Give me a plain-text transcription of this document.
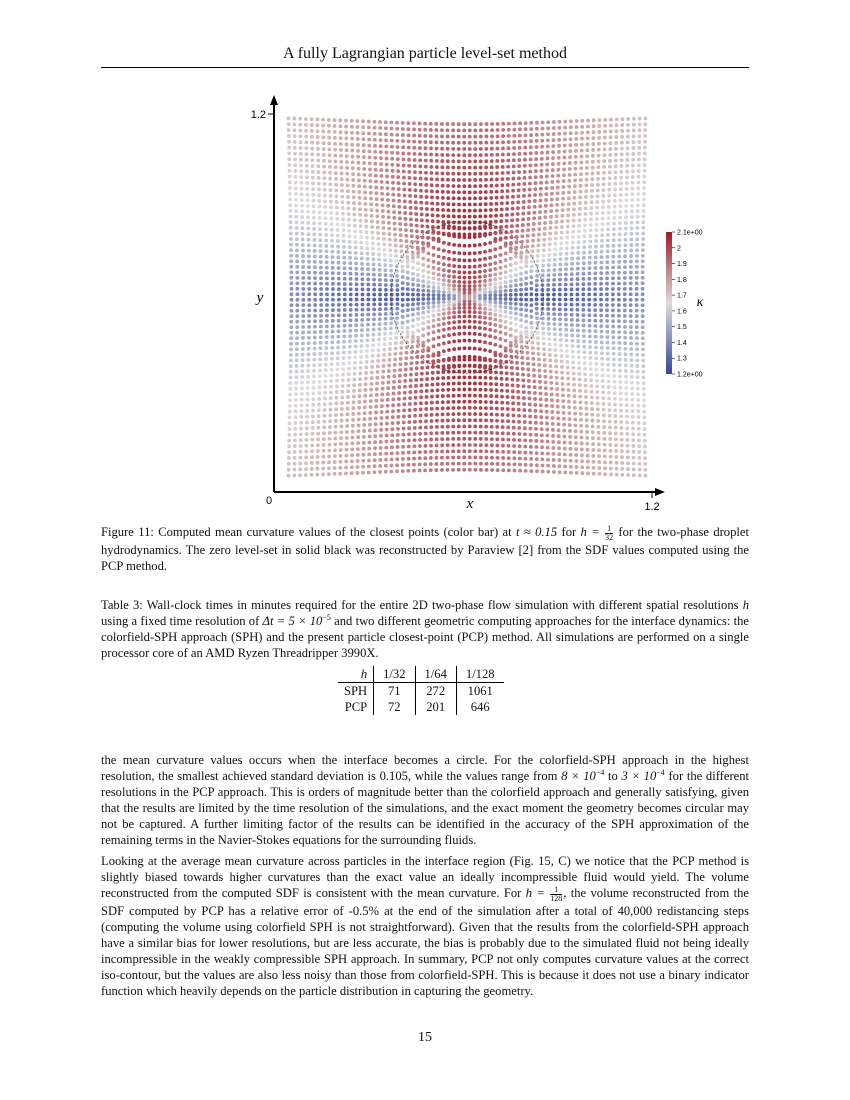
A fully Lagrangian particle level-set method
1.2
0	1.2
y
x
2.1e+00
2
1.9
1.8
1.7
1.6
1.5
1.4
1.3
1.2e+00
κ

Figure 11: Computed mean curvature values of the closest points (color bar) at t ≈ 0.15 for $h = \frac{1}{32}$ for the two-phase droplet hydrodynamics. The zero level-set in solid black was reconstructed by Paraview [2] from the SDF values computed using the PCP method.

Table 3: Wall-clock times in minutes required for the entire 2D two-phase flow simulation with different spatial resolutions h using a fixed time resolution of $\Delta t = 5 \times 10^{-5}$ and two different geometric computing approaches for the interface dynamics: the colorfield-SPH approach (SPH) and the present particle closest-point (PCP) method. All simulations are performed on a single processor core of an AMD Ryzen Threadripper 3990X.

h	1/32	1/64	1/128
SPH	71	272	1061
PCP	72	201	646

the mean curvature values occurs when the interface becomes a circle. For the colorfield-SPH approach in the highest resolution, the smallest achieved standard deviation is 0.105, while the values range from $8 \times 10^{-4}$ to $3 \times 10^{-4}$ for the different resolutions in the PCP approach. This is orders of magnitude better than the colorfield approach and generally satisfying, given that the results are limited by the time resolution of the simulations, and the exact moment the geometry becomes circular may not be captured. A further limiting factor of the results can be identified in the accuracy of the SPH approximation of the remaining terms in the Navier-Stokes equations for the surrounding fluids.

Looking at the average mean curvature across particles in the interface region (Fig. 15, C) we notice that the PCP method is slightly biased towards higher curvatures than the exact value an ideally incompressible fluid would yield. The volume reconstructed from the computed SDF is consistent with the mean curvature. For $h = \frac{1}{128}$ , the volume reconstructed from the SDF computed by PCP has a relative error of -0.5% at the end of the simulation after a total of 40,000 redistancing steps (computing the volume using colorfield SPH is not straightforward). Given that the results from the colorfield-SPH approach have a similar bias for lower resolutions, but are less accurate, the bias is probably due to the simulated fluid not being ideally incompressible in the weakly compressible SPH approach. In summary, PCP not only computes curvature values at the correct iso-contour, but the values are also less noisy than those from colorfield-SPH. This is because it does not use a binary indicator function which heavily depends on the particle distribution in capturing the geometry.

15
